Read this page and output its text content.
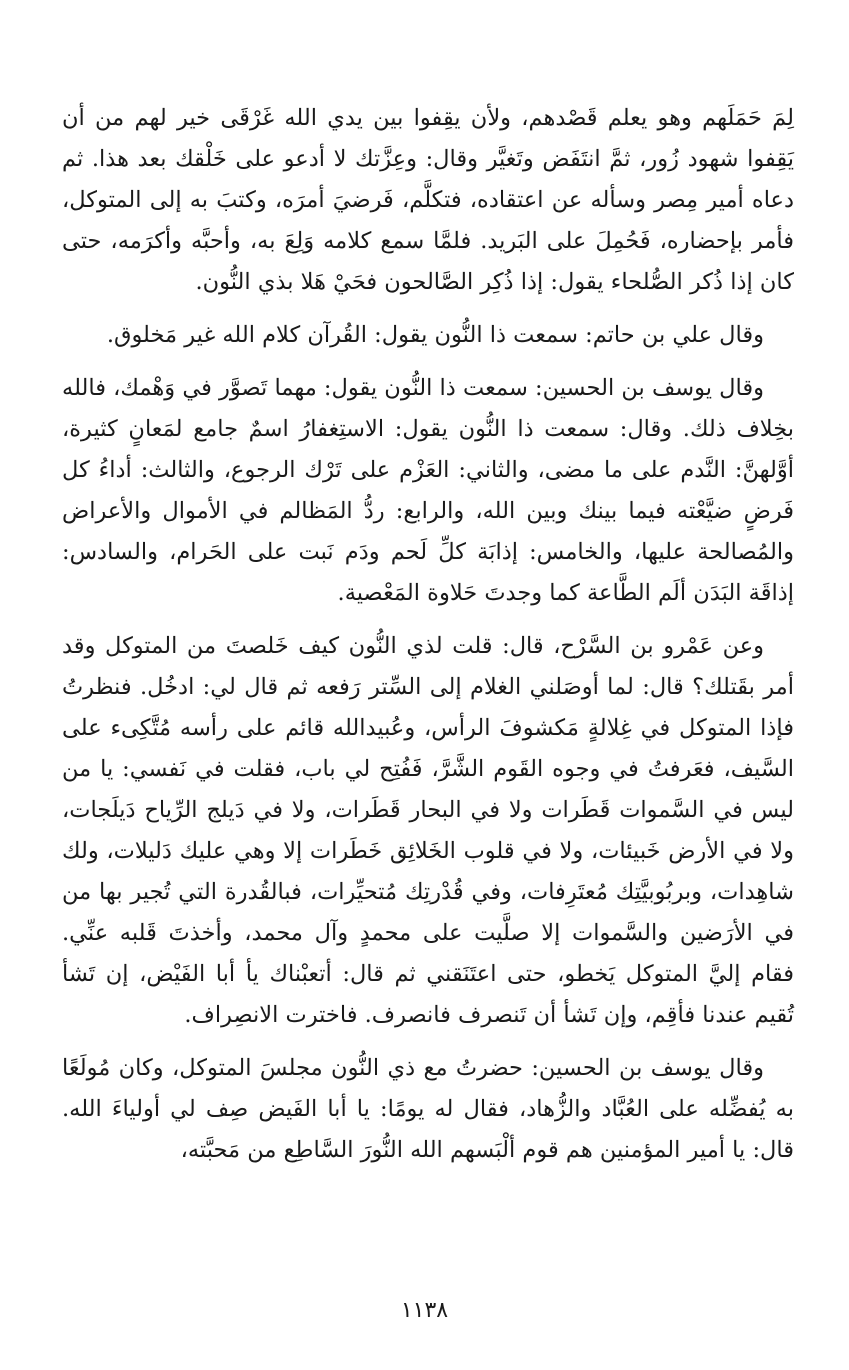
لِمَ حَمَلَهم وهو يعلم قَصْدهم، ولأن يقِفوا بين يدي الله غَرْقَى خير لهم من أن يَقِفوا شهود زُور، ثمَّ انتَفَض وتَغيَّر وقال: وعِزَّتك لا أدعو على خَلْقك بعد هذا. ثم دعاه أمير مِصر وسأله عن اعتقاده، فتكلَّم، فَرضيَ أمرَه، وكتبَ به إلى المتوكل، فأمر بإحضاره، فَحُمِلَ على البَريد. فلمَّا سمع كلامه وَلِعَ به، وأحبَّه وأكرَمه، حتى كان إذا ذُكر الصُّلحاء يقول: إذا ذُكِر الصَّالحون فحَيْ هَلا بذي النُّون.

وقال علي بن حاتم: سمعت ذا النُّون يقول: القُرآن كلام الله غير مَخلوق.

وقال يوسف بن الحسين: سمعت ذا النُّون يقول: مهما تَصوَّر في وَهْمك، فالله بخِلاف ذلك. وقال: سمعت ذا النُّون يقول: الاستِغفارُ اسمٌ جامع لمَعانٍ كثيرة، أوَّلهنَّ: النَّدم على ما مضى، والثاني: العَزْم على تَرْك الرجوع، والثالث: أداءُ كل فَرضٍ ضيَّعْته فيما بينك وبين الله، والرابع: ردُّ المَظالم في الأموال والأعراض والمُصالحة عليها، والخامس: إذابَة كلِّ لَحم ودَم نَبت على الحَرام، والسادس: إذاقَة البَدَن ألَم الطَّاعة كما وجدتَ حَلاوة المَعْصية.

وعن عَمْرو بن السَّرْح، قال: قلت لذي النُّون كيف خَلصتَ من المتوكل وقد أمر بقَتلك؟ قال: لما أوصَلني الغلام إلى السِّتر رَفعه ثم قال لي: ادخُل. فنظرتُ فإذا المتوكل في غِلالةٍ مَكشوفَ الرأس، وعُبيدالله قائم على رأسه مُتَّكِىء على السَّيف، فعَرفتُ في وجوه القَوم الشَّرَّ، فَفُتِح لي باب، فقلت في نَفسي: يا من ليس في السَّموات قَطَرات ولا في البحار قَطَرات، ولا في دَيلج الرِّياح دَيلَجات، ولا في الأرض خَبيئات، ولا في قلوب الخَلائِق خَطَرات إلا وهي عليك دَليلات، ولك شاهِدات، وبربُوبيَّتِك مُعتَرِفات، وفي قُدْرتِك مُتحيِّرات، فبالقُدرة التي تُجير بها من في الأرَضين والسَّموات إلا صلَّيت على محمدٍ وآل محمد، وأخذتَ قَلبه عنِّي. فقام إليَّ المتوكل يَخطو، حتى اعتَنَقني ثم قال: أتعبْناك يأ أبا الفَيْض، إن تَشأ تُقيم عندنا فأقِم، وإن تَشأ أن تَنصرف فانصرف. فاخترت الانصِراف.

وقال يوسف بن الحسين: حضرتُ مع ذي النُّون مجلسَ المتوكل، وكان مُولَعًا به يُفضِّله على العُبَّاد والزُّهاد، فقال له يومًا: يا أبا الفَيض صِف لي أولياءَ الله. قال: يا أمير المؤمنين هم قوم ألْبَسهم الله النُّورَ السَّاطِع من مَحبَّته،

١١٣٨
